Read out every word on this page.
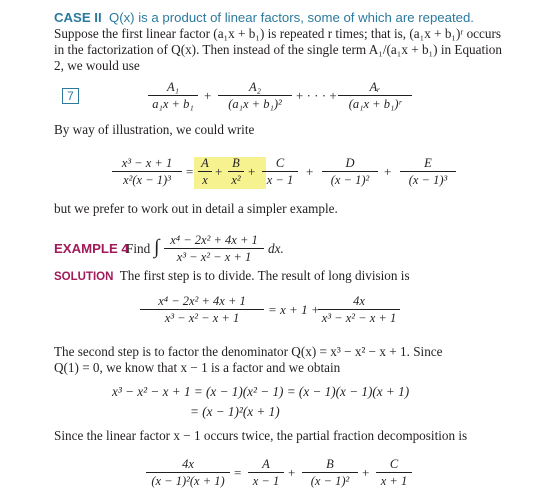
CASE II Q(x) is a product of linear factors, some of which are repeated.
Suppose the first linear factor (a₁x + b₁) is repeated r times; that is, (a₁x + b₁)ʳ occurs
in the factorization of Q(x). Then instead of the single term A₁/(a₁x + b₁) in Equation
2, we would use
7
A₁
a₁x + b₁
+
A₂
(a₁x + b₁)²
+ · · · +
Aᵣ
(a₁x + b₁)ʳ
By way of illustration, we could write
x³ − x + 1
x²(x − 1)³
=
A
x
+
B
x²
+
C
x − 1
+
D
(x − 1)²
+
E
(x − 1)³
but we prefer to work out in detail a simpler example.
EXAMPLE 4
Find ∫ x⁴ − 2x² + 4x + 1
x³ − x² − x + 1
dx.
SOLUTION The first step is to divide. The result of long division is
x⁴ − 2x² + 4x + 1
x³ − x² − x + 1
= x + 1 +
4x
x³ − x² − x + 1
The second step is to factor the denominator Q(x) = x³ − x² − x + 1. Since
Q(1) = 0, we know that x − 1 is a factor and we obtain
x³ − x² − x + 1 = (x − 1)(x² − 1) = (x − 1)(x − 1)(x + 1)
= (x − 1)²(x + 1)
Since the linear factor x − 1 occurs twice, the partial fraction decomposition is
4x
(x − 1)²(x + 1)
=
A
x − 1
+
B
(x − 1)²
+
C
x + 1
